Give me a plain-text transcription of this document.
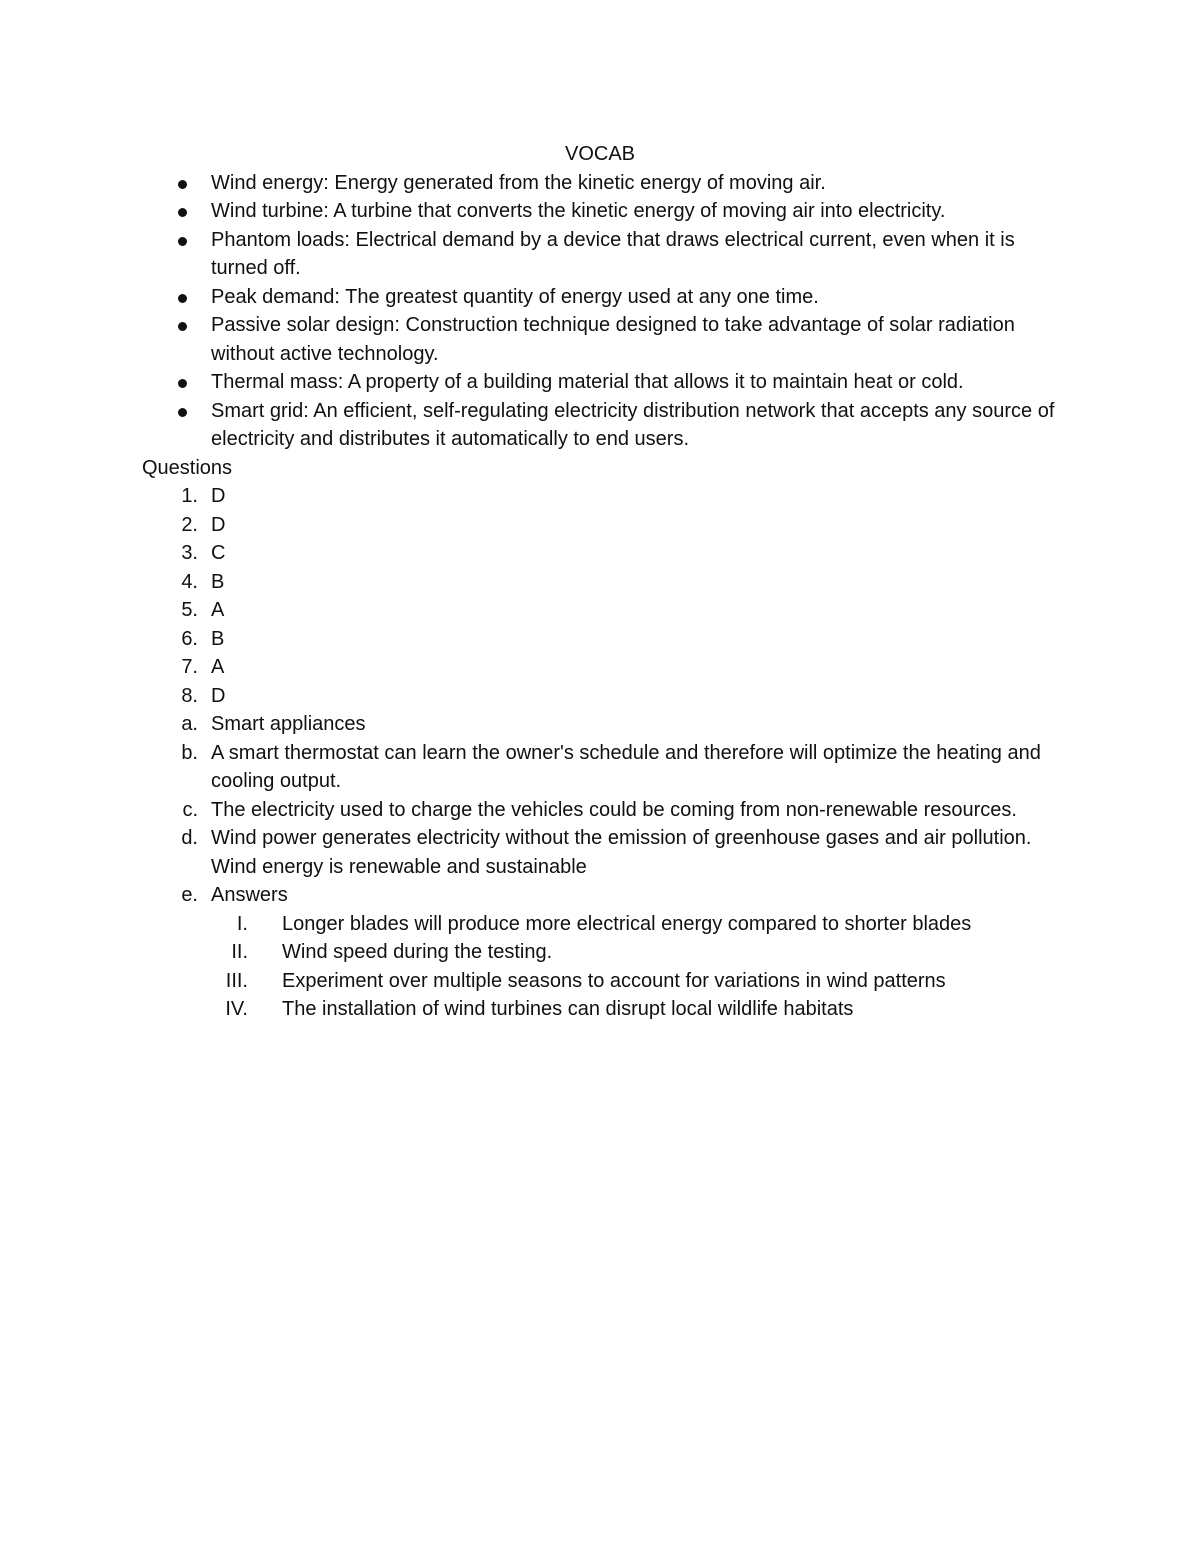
VOCAB
Wind energy: Energy generated from the kinetic energy of moving air.
Wind turbine: A turbine that converts the kinetic energy of moving air into electricity.
Phantom loads: Electrical demand by a device that draws electrical current, even when it is turned off.
Peak demand: The greatest quantity of energy used at any one time.
Passive solar design: Construction technique designed to take advantage of solar radiation without active technology.
Thermal mass: A property of a building material that allows it to maintain heat or cold.
Smart grid: An efficient, self-regulating electricity distribution network that accepts any source of electricity and distributes it automatically to end users.

Questions

1. D
2. D
3. C
4. B
5. A
6. B
7. A
8. D
a. Smart appliances
b. A smart thermostat can learn the owner's schedule and therefore will optimize the heating and cooling output.
c. The electricity used to charge the vehicles could be coming from non-renewable resources.
d. Wind power generates electricity without the emission of greenhouse gases and air pollution. Wind energy is renewable and sustainable
e. Answers
I. Longer blades will produce more electrical energy compared to shorter blades
II. Wind speed during the testing.
III. Experiment over multiple seasons to account for variations in wind patterns
IV. The installation of wind turbines can disrupt local wildlife habitats
